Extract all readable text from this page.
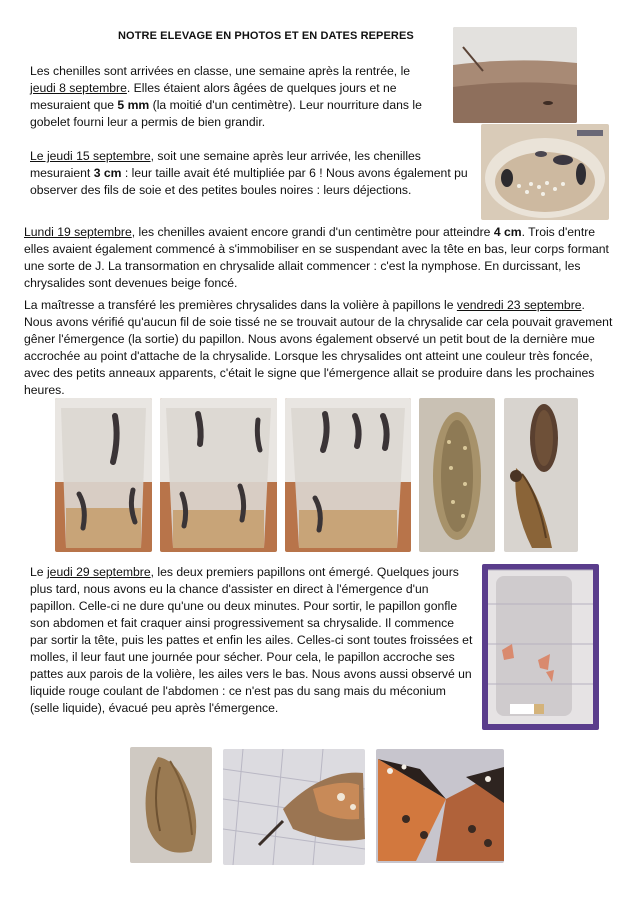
NOTRE ELEVAGE EN PHOTOS ET EN DATES REPERES
Les chenilles sont arrivées en classe, une semaine après la rentrée, le jeudi 8 septembre. Elles étaient alors âgées de quelques jours et ne mesuraient que 5 mm (la moitié d'un centimètre). Leur nourriture dans le gobelet fourni leur a permis de bien grandir.
Le jeudi 15 septembre, soit une semaine après leur arrivée, les chenilles mesuraient 3 cm : leur taille avait été multipliée par 6 ! Nous avons également pu observer des fils de soie et des petites boules noires : leurs déjections.
Lundi 19 septembre, les chenilles avaient encore grandi d'un centimètre pour atteindre 4 cm. Trois d'entre elles avaient également commencé à s'immobiliser en se suspendant avec la tête en bas, leur corps formant une sorte de J. La transormation en chrysalide allait commencer : c'est la nymphose. En durcissant, les chrysalides sont devenues beige foncé.
La maîtresse a transféré les premières chrysalides dans la volière à papillons le vendredi 23 septembre. Nous avons vérifié qu'aucun fil de soie tissé ne se trouvait autour de la chrysalide car cela pouvait gravement gêner l'émergence (la sortie) du papillon. Nous avons également observé un petit bout de la dernière mue accrochée au point d'attache de la chrysalide. Lorsque les chrysalides ont atteint une couleur très foncée, avec des petits anneaux apparents, c'était le signe que l'émergence allait se produire dans les prochaines heures.
Le jeudi 29 septembre, les deux premiers papillons ont émergé. Quelques jours plus tard, nous avons eu la chance d'assister en direct à l'émergence d'un papillon. Celle-ci ne dure qu'une ou deux minutes. Pour sortir, le papillon gonfle son abdomen et fait craquer ainsi progressivement sa chrysalide. Il commence par sortir la tête, puis les pattes et enfin les ailes. Celles-ci sont toutes froissées et molles, il leur faut une journée pour sécher. Pour cela, le papillon accroche ses pattes aux parois de la volière, les ailes vers le bas. Nous avons aussi observé un liquide rouge coulant de l'abdomen : ce n'est pas du sang mais du méconium (selle liquide), évacué peu après l'émergence.
